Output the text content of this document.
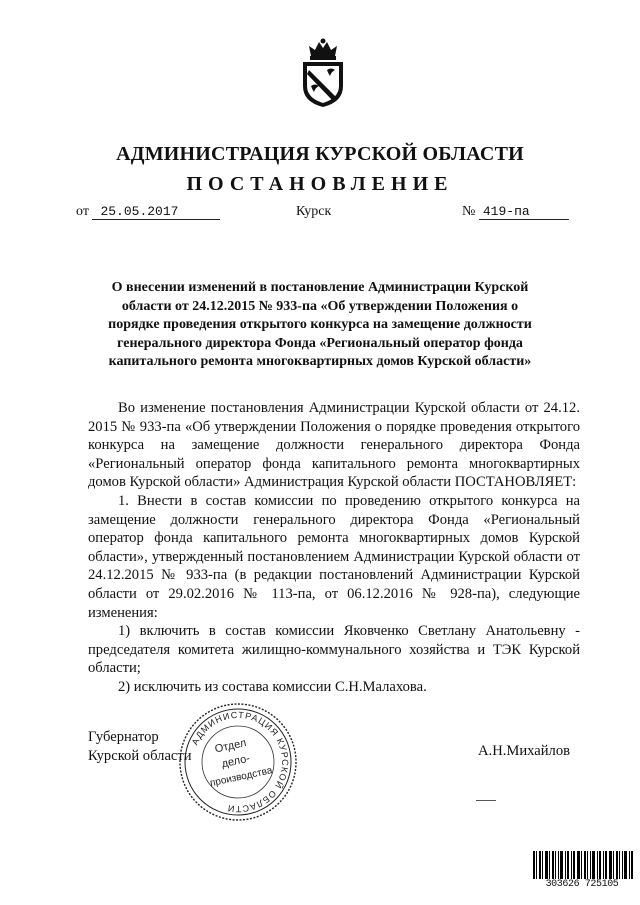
АДМИНИСТРАЦИЯ КУРСКОЙ ОБЛАСТИ
ПОСТАНОВЛЕНИЕ
от 25.05.2017	Курск	№ 419-па
О внесении изменений в постановление Администрации Курской области от 24.12.2015 № 933-па «Об утверждении Положения о порядке проведения открытого конкурса на замещение должности генерального директора Фонда «Региональный оператор фонда капитального ремонта многоквартирных домов Курской области»

Во изменение постановления Администрации Курской области от 24.12. 2015 № 933-па «Об утверждении Положения о порядке проведения открытого конкурса на замещение должности генерального директора Фонда «Региональный оператор фонда капитального ремонта многоквартирных домов Курской области» Администрация Курской области ПОСТАНОВЛЯЕТ:

1. Внести в состав комиссии по проведению открытого конкурса на замещение должности генерального директора Фонда «Региональный оператор фонда капитального ремонта многоквартирных домов Курской области», утвержденный постановлением Администрации Курской области от 24.12.2015 № 933-па (в редакции постановлений Администрации Курской области от 29.02.2016 № 113-па, от 06.12.2016 № 928-па), следующие изменения:

1) включить в состав комиссии Яковченко Светлану Анатольевну - председателя комитета жилищно-коммунального хозяйства и ТЭК Курской области;

2) исключить из состава комиссии С.Н.Малахова.

Губернатор
Курской области	А.Н.Михайлов
АДМИНИСТРАЦИЯ КУРСКОЙ ОБЛАСТИ
Отдел
дело-
производства
303626 725105
